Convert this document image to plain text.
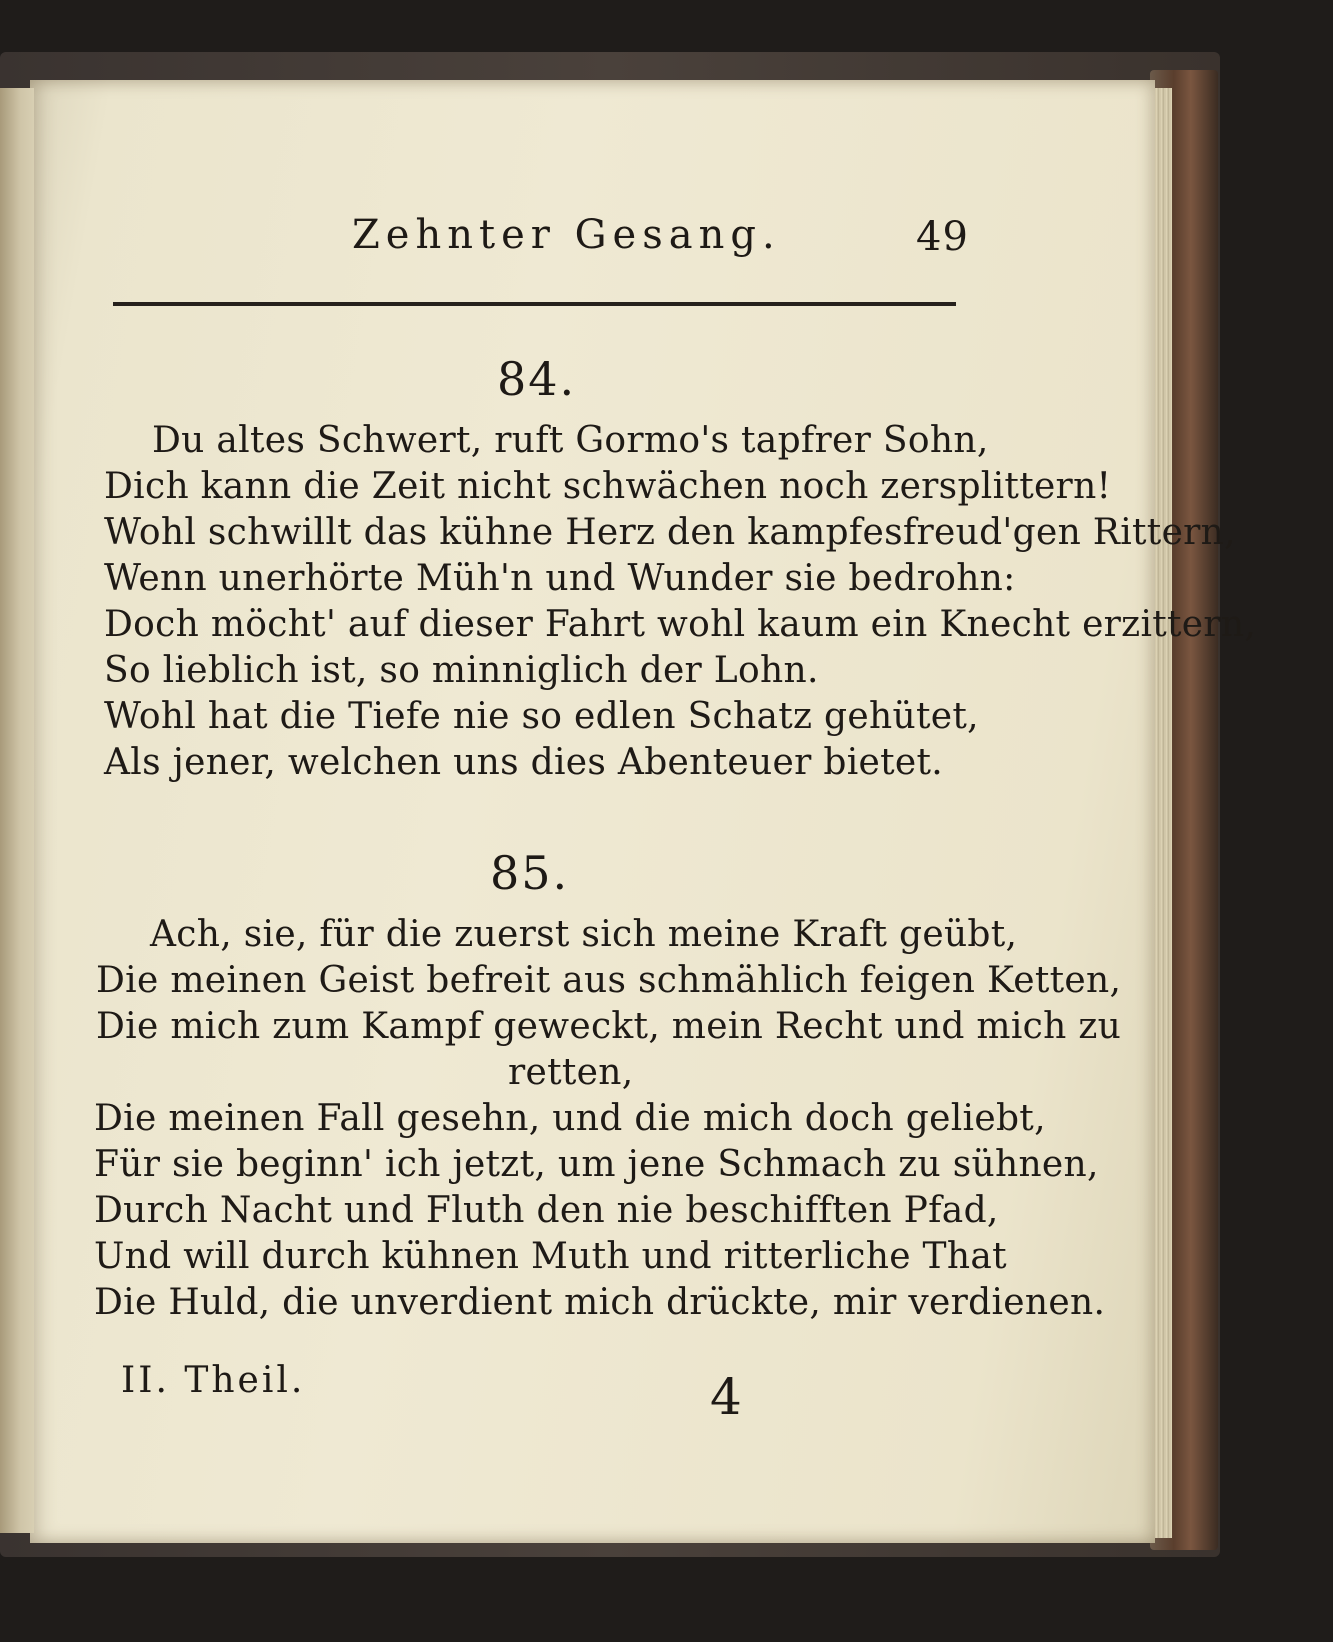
Zehnter Gesang.	49
84.
Du altes Schwert, ruft Gormo's tapfrer Sohn,
Dich kann die Zeit nicht schwächen noch zersplittern!
Wohl schwillt das kühne Herz den kampfesfreud'gen Rittern,
Wenn unerhörte Müh'n und Wunder sie bedrohn:
Doch möcht' auf dieser Fahrt wohl kaum ein Knecht erzittern,
So lieblich ist, so minniglich der Lohn.
Wohl hat die Tiefe nie so edlen Schatz gehütet,
Als jener, welchen uns dies Abenteuer bietet.
85.
Ach, sie, für die zuerst sich meine Kraft geübt,
Die meinen Geist befreit aus schmählich feigen Ketten,
Die mich zum Kampf geweckt, mein Recht und mich zu
retten,
Die meinen Fall gesehn, und die mich doch geliebt,
Für sie beginn' ich jetzt, um jene Schmach zu sühnen,
Durch Nacht und Fluth den nie beschifften Pfad,
Und will durch kühnen Muth und ritterliche That
Die Huld, die unverdient mich drückte, mir verdienen.
II. Theil.	4
